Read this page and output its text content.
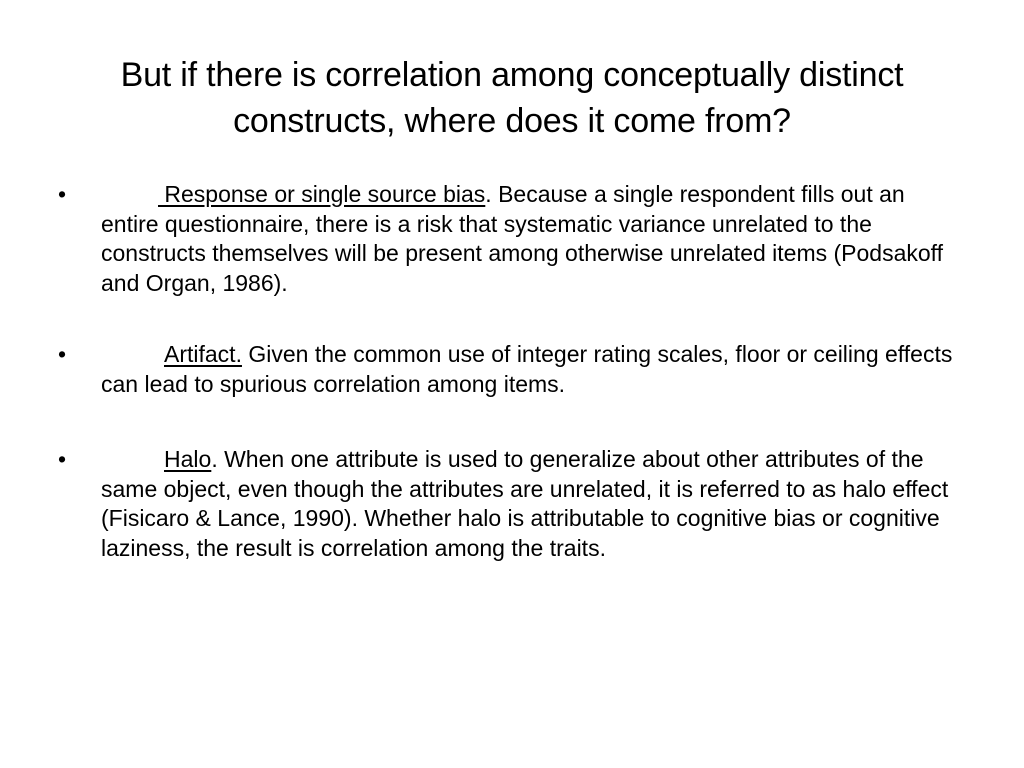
But if there is correlation among conceptually distinct constructs, where does it come from?
•	Response or single source bias. Because a single respondent fills out an entire questionnaire, there is a risk that systematic variance unrelated to the constructs themselves will be present among otherwise unrelated items (Podsakoff and Organ, 1986).
•	Artifact. Given the common use of integer rating scales, floor or ceiling effects can lead to spurious correlation among items.
•	Halo. When one attribute is used to generalize about other attributes of the same object, even though the attributes are unrelated, it is referred to as halo effect (Fisicaro & Lance, 1990). Whether halo is attributable to cognitive bias or cognitive laziness, the result is correlation among the traits.
